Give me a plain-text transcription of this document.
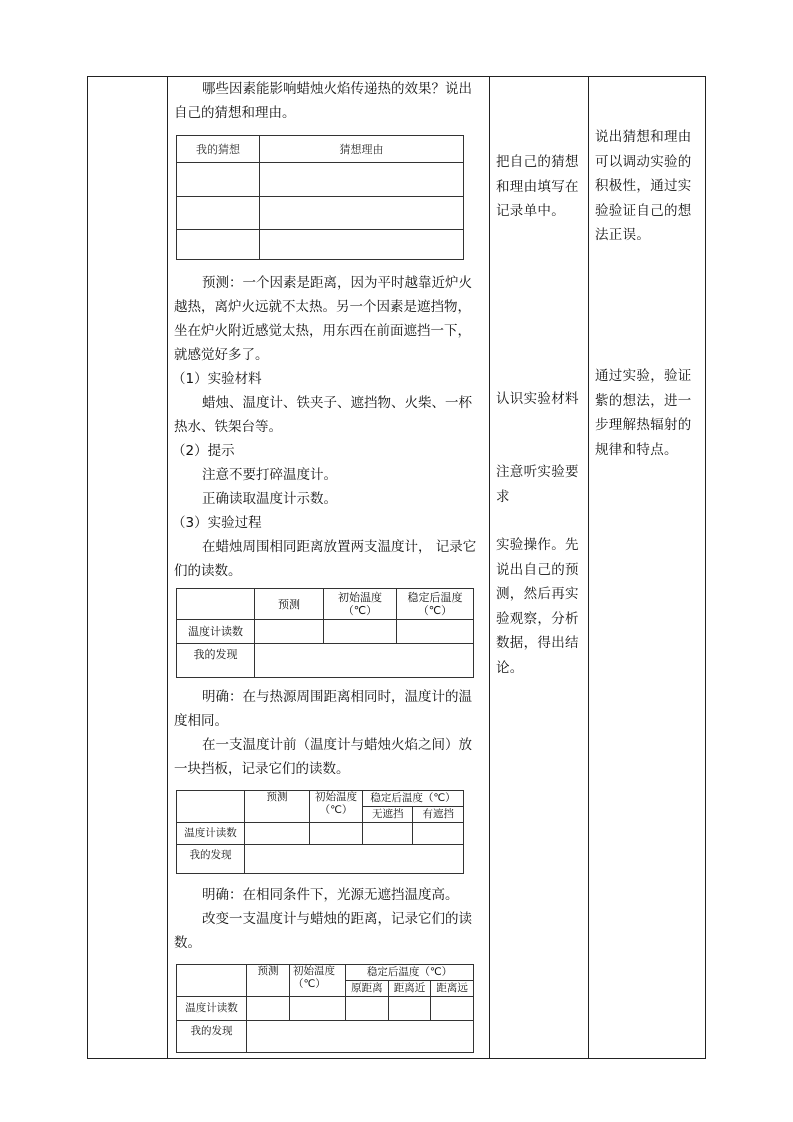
哪些因素能影响蜡烛火焰传递热的效果？说出自己的猜想和理由。

我的猜想	猜想理由

预测：一个因素是距离，因为平时越靠近炉火越热，离炉火远就不太热。另一个因素是遮挡物，坐在炉火附近感觉太热，用东西在前面遮挡一下，就感觉好多了。

（1）实验材料

蜡烛、温度计、铁夹子、遮挡物、火柴、一杯热水、铁架台等。

（2）提示

注意不要打碎温度计。

正确读取温度计示数。

（3）实验过程

在蜡烛周围相同距离放置两支温度计， 记录它们的读数。

	预测	初始温度（℃）	稳定后温度（℃）
温度计读数			
我的发现			

明确：在与热源周围距离相同时，温度计的温度相同。

在一支温度计前（温度计与蜡烛火焰之间）放一块挡板，记录它们的读数。

	预测	初始温度（℃）	稳定后温度（℃）	
			无遮挡	有遮挡
温度计读数				
我的发现				

明确：在相同条件下，光源无遮挡温度高。

改变一支温度计与蜡烛的距离，记录它们的读数。

	预测	初始温度（℃）	稳定后温度（℃）		
			原距离	距离近	距离远
温度计读数					
我的发现					
把自己的猜想和理由填写在记录单中。
认识实验材料
注意听实验要求
实验操作。先说出自己的预测，然后再实验观察，分析数据，得出结论。
说出猜想和理由可以调动实验的积极性，通过实验验证自己的想法正误。
通过实验，验证紫的想法，进一步理解热辐射的规律和特点。
